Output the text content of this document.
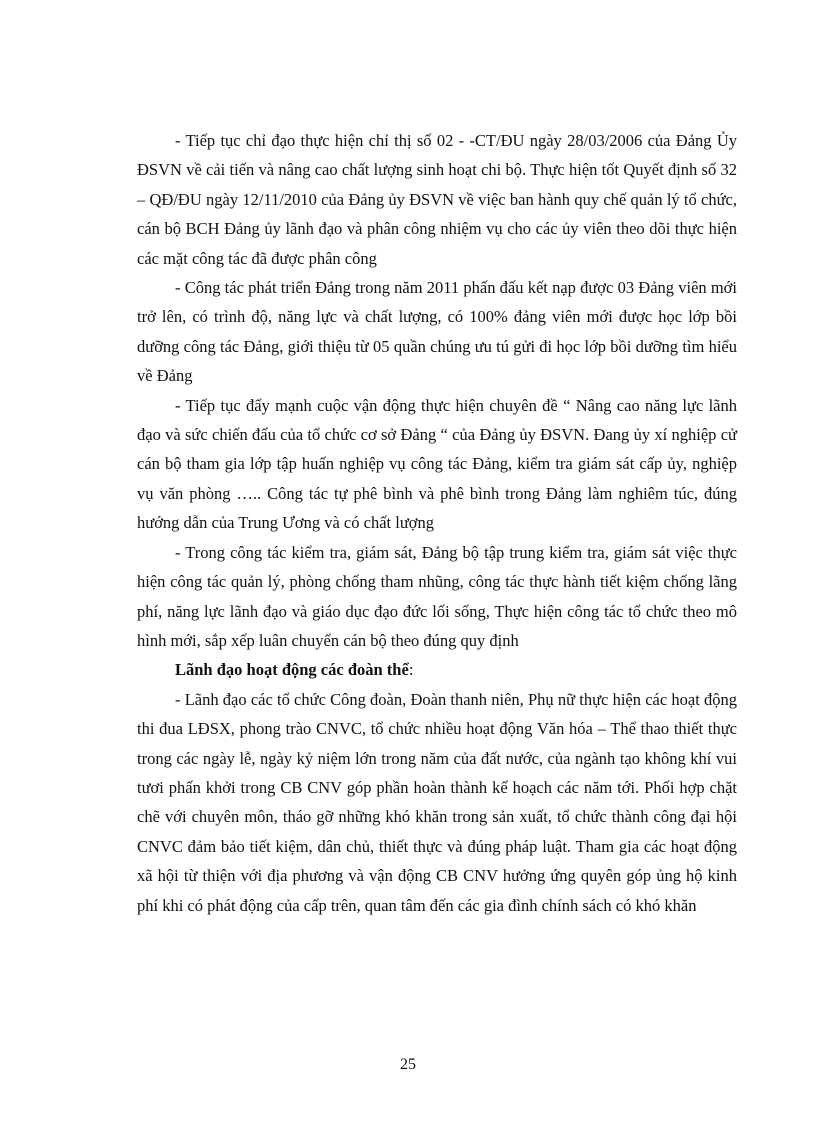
- Tiếp tục chỉ đạo thực hiện chỉ thị số 02 - -CT/ĐU ngày 28/03/2006 của Đảng Ủy ĐSVN về cải tiến và nâng cao chất lượng sinh hoạt chi bộ. Thực hiện tốt Quyết định số 32 – QĐ/ĐU ngày 12/11/2010 của Đảng ủy ĐSVN về việc ban hành quy chế quản lý tổ chức, cán bộ BCH Đảng ủy lãnh đạo và phân công nhiệm vụ cho các ủy viên theo dõi thực hiện các mặt công tác đã được phân công

- Công tác phát triển Đảng trong năm 2011 phấn đấu kết nạp được 03 Đảng viên mới trở lên, có trình độ, năng lực và chất lượng, có 100% đảng viên mới được học lớp bồi dưỡng công tác Đảng, giới thiệu từ 05 quần chúng ưu tú gửi đi học lớp bồi dưỡng tìm hiểu về Đảng

- Tiếp tục đẩy mạnh cuộc vận động thực hiện chuyên đề “ Nâng cao năng lực lãnh đạo và sức chiến đấu của tổ chức cơ sở Đảng “ của Đảng ủy ĐSVN. Đang ủy xí nghiệp cử cán bộ tham gia lớp tập huấn nghiệp vụ công tác Đảng, kiểm tra giám sát cấp ủy, nghiệp vụ văn phòng ….. Công tác tự phê bình và phê bình trong Đảng làm nghiêm túc, đúng hướng dẫn của Trung Ương và có chất lượng

- Trong công tác kiểm tra, giám sát, Đảng bộ tập trung kiểm tra, giám sát việc thực hiện công tác quản lý, phòng chống tham nhũng, công tác thực hành tiết kiệm chống lãng phí, năng lực lãnh đạo và giáo dục đạo đức lối sống, Thực hiện công tác tổ chức theo mô hình mới, sắp xếp luân chuyển cán bộ theo đúng quy định

Lãnh đạo hoạt động các đoàn thể:

- Lãnh đạo các tổ chức Công đoàn, Đoàn thanh niên, Phụ nữ thực hiện các hoạt động thi đua LĐSX, phong trào CNVC, tổ chức nhiều hoạt động Văn hóa – Thể thao thiết thực trong các ngày lễ, ngày kỷ niệm lớn trong năm của đất nước, của ngành tạo không khí vui tươi phấn khởi trong CB CNV góp phần hoàn thành kế hoạch các năm tới. Phối hợp chặt chẽ với chuyên môn, tháo gỡ những khó khăn trong sản xuất, tổ chức thành công đại hội CNVC đảm bảo tiết kiệm, dân chủ, thiết thực và đúng pháp luật. Tham gia các hoạt động xã hội từ thiện với địa phương và vận động CB CNV hưởng ứng quyên góp ủng hộ kinh phí khi có phát động của cấp trên, quan tâm đến các gia đình chính sách có khó khăn

25
